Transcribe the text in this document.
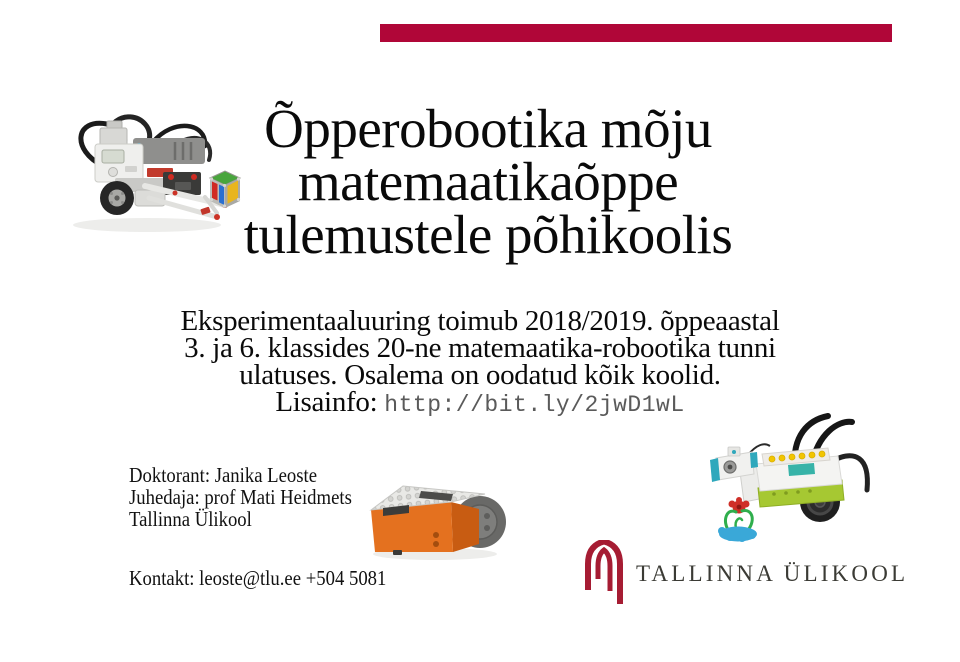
Õpperobootika mõju
matemaatikaõppe
tulemustele põhikoolis
Eksperimentaaluuring toimub 2018/2019. õppeaastal
3. ja 6. klassides 20-ne matemaatika-robootika tunni
ulatuses. Osalema on oodatud kõik koolid.
Lisainfo: http://bit.ly/2jwD1wL
Doktorant: Janika Leoste
Juhedaja: prof Mati Heidmets
Tallinna Ülikool
Kontakt: leoste@tlu.ee +504 5081	TALLINNA ÜLIKOOL
